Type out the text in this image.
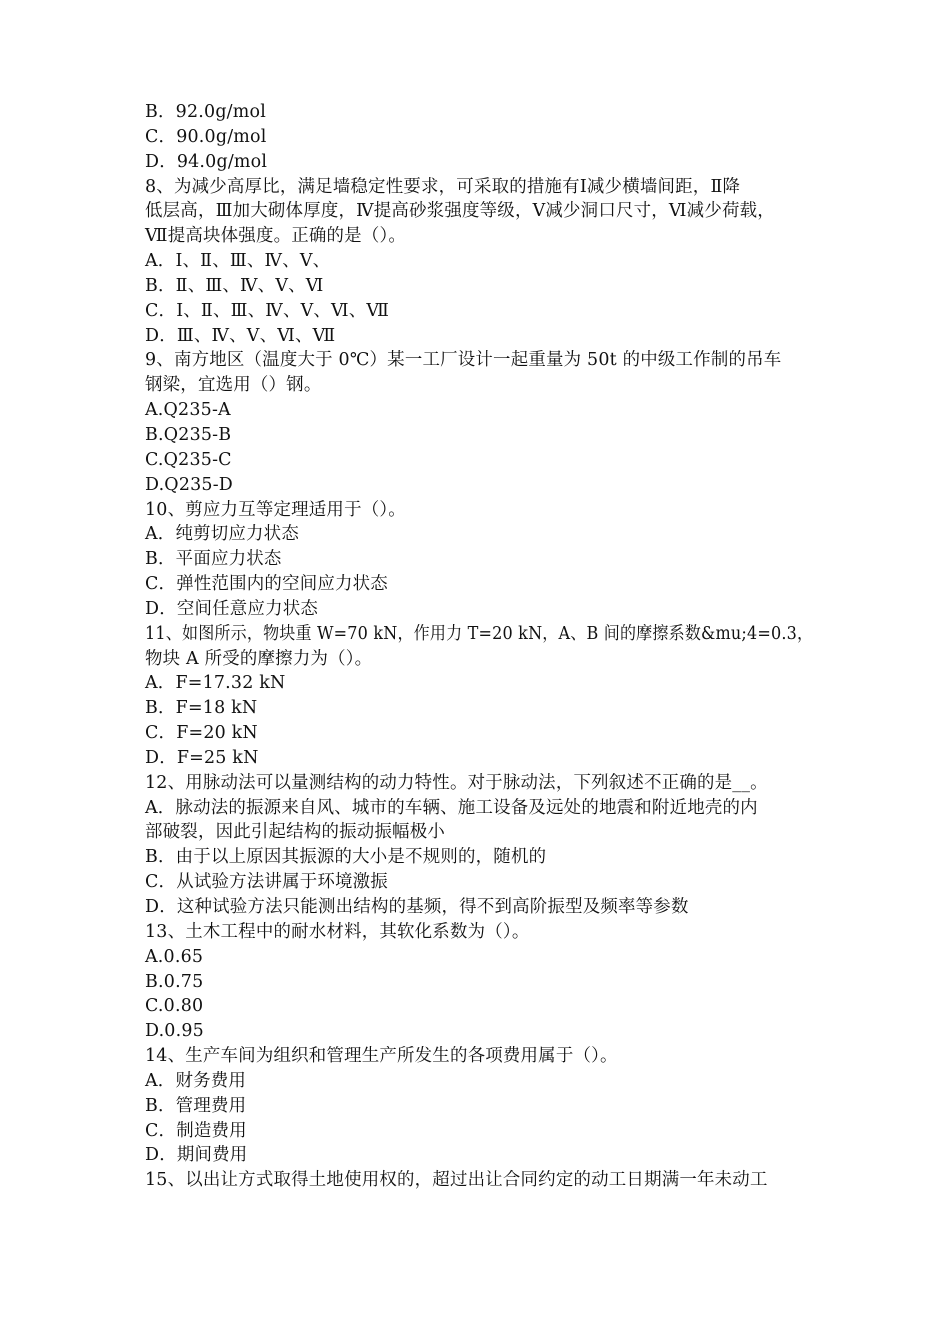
B．92.0g/mol
C．90.0g/mol
D．94.0g/mol
8、为减少高厚比，满足墙稳定性要求，可采取的措施有Ⅰ减少横墙间距，Ⅱ降
低层高，Ⅲ加大砌体厚度，Ⅳ提高砂浆强度等级，Ⅴ减少洞口尺寸，Ⅵ减少荷载，
Ⅶ提高块体强度。正确的是（）。
A．Ⅰ、Ⅱ、Ⅲ、Ⅳ、Ⅴ、
B．Ⅱ、Ⅲ、Ⅳ、Ⅴ、Ⅵ
C．Ⅰ、Ⅱ、Ⅲ、Ⅳ、Ⅴ、Ⅵ、Ⅶ
D．Ⅲ、Ⅳ、Ⅴ、Ⅵ、Ⅶ
9、南方地区（温度大于 0℃）某一工厂设计一起重量为 50t 的中级工作制的吊车
钢梁，宜选用（）钢。
A.Q235-A
B.Q235-B
C.Q235-C
D.Q235-D
10、剪应力互等定理适用于（）。
A．纯剪切应力状态
B．平面应力状态
C．弹性范围内的空间应力状态
D．空间任意应力状态
11、如图所示，物块重 W=70 kN，作用力 T=20 kN，A、B 间的摩擦系数&mu;4=0.3，
物块 A 所受的摩擦力为（）。
A．F=17.32 kN
B．F=18 kN
C．F=20 kN
D．F=25 kN
12、用脉动法可以量测结构的动力特性。对于脉动法，下列叙述不正确的是__。
A．脉动法的振源来自风、城市的车辆、施工设备及远处的地震和附近地壳的内
部破裂，因此引起结构的振动振幅极小
B．由于以上原因其振源的大小是不规则的，随机的
C．从试验方法讲属于环境激振
D．这种试验方法只能测出结构的基频，得不到高阶振型及频率等参数
13、土木工程中的耐水材料，其软化系数为（）。
A.0.65
B.0.75
C.0.80
D.0.95
14、生产车间为组织和管理生产所发生的各项费用属于（）。
A．财务费用
B．管理费用
C．制造费用
D．期间费用
15、以出让方式取得土地使用权的，超过出让合同约定的动工日期满一年未动工
